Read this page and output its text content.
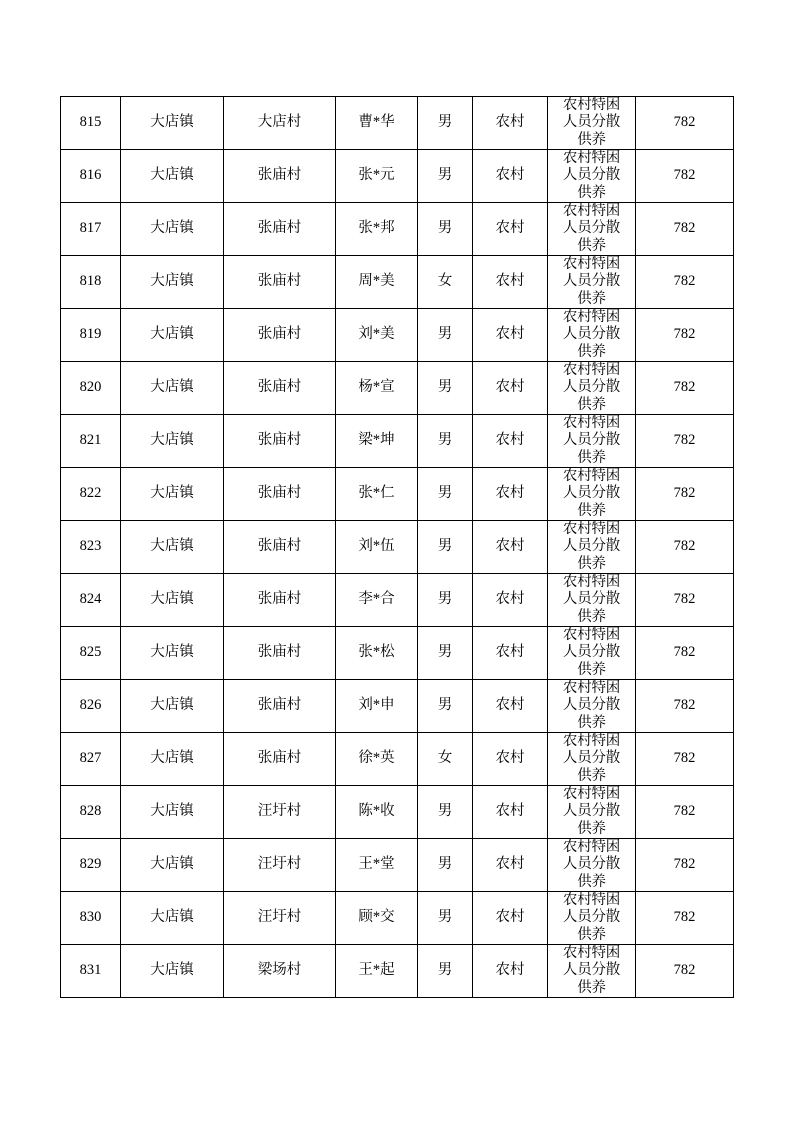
815	大店镇	大店村	曹*华	男	农村	农村特困
人员分散
供养	782
816	大店镇	张庙村	张*元	男	农村	农村特困
人员分散
供养	782
817	大店镇	张庙村	张*邦	男	农村	农村特困
人员分散
供养	782
818	大店镇	张庙村	周*美	女	农村	农村特困
人员分散
供养	782
819	大店镇	张庙村	刘*美	男	农村	农村特困
人员分散
供养	782
820	大店镇	张庙村	杨*宣	男	农村	农村特困
人员分散
供养	782
821	大店镇	张庙村	梁*坤	男	农村	农村特困
人员分散
供养	782
822	大店镇	张庙村	张*仁	男	农村	农村特困
人员分散
供养	782
823	大店镇	张庙村	刘*伍	男	农村	农村特困
人员分散
供养	782
824	大店镇	张庙村	李*合	男	农村	农村特困
人员分散
供养	782
825	大店镇	张庙村	张*松	男	农村	农村特困
人员分散
供养	782
826	大店镇	张庙村	刘*申	男	农村	农村特困
人员分散
供养	782
827	大店镇	张庙村	徐*英	女	农村	农村特困
人员分散
供养	782
828	大店镇	汪圩村	陈*收	男	农村	农村特困
人员分散
供养	782
829	大店镇	汪圩村	王*堂	男	农村	农村特困
人员分散
供养	782
830	大店镇	汪圩村	顾*交	男	农村	农村特困
人员分散
供养	782
831	大店镇	梁场村	王*起	男	农村	农村特困
人员分散
供养	782
